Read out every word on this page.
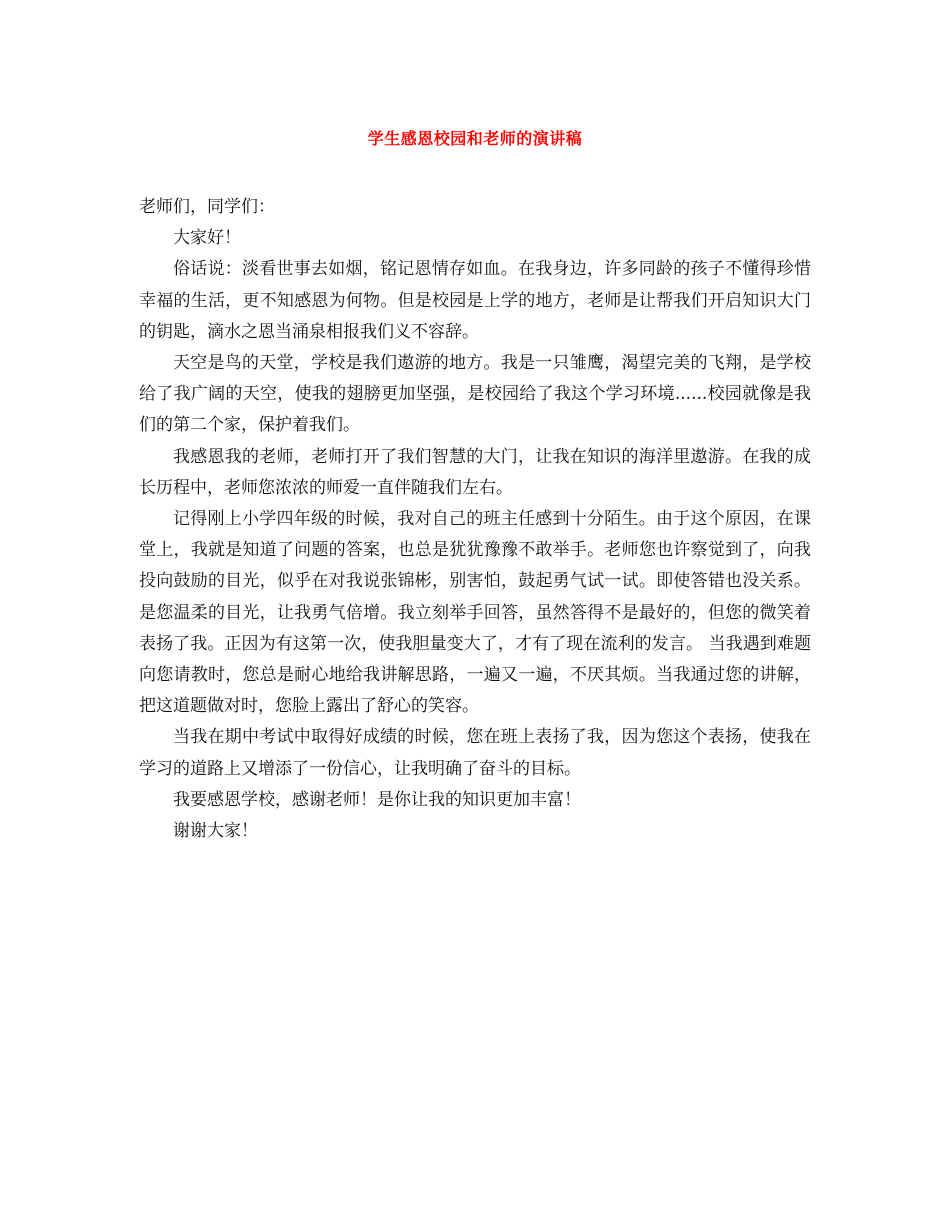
学生感恩校园和老师的演讲稿

老师们，同学们：

大家好！

俗话说：淡看世事去如烟，铭记恩情存如血。在我身边，许多同龄的孩子不懂得珍惜幸福的生活，更不知感恩为何物。但是校园是上学的地方，老师是让帮我们开启知识大门的钥匙，滴水之恩当涌泉相报我们义不容辞。

天空是鸟的天堂，学校是我们遨游的地方。我是一只雏鹰，渴望完美的飞翔，是学校给了我广阔的天空，使我的翅膀更加坚强，是校园给了我这个学习环境......校园就像是我们的第二个家，保护着我们。

我感恩我的老师，老师打开了我们智慧的大门，让我在知识的海洋里遨游。在我的成长历程中，老师您浓浓的师爱一直伴随我们左右。

记得刚上小学四年级的时候，我对自己的班主任感到十分陌生。由于这个原因，在课堂上，我就是知道了问题的答案，也总是犹犹豫豫不敢举手。老师您也许察觉到了，向我投向鼓励的目光，似乎在对我说张锦彬，别害怕，鼓起勇气试一试。即使答错也没关系。是您温柔的目光，让我勇气倍增。我立刻举手回答，虽然答得不是最好的，但您的微笑着表扬了我。正因为有这第一次，使我胆量变大了，才有了现在流利的发言。 当我遇到难题向您请教时，您总是耐心地给我讲解思路，一遍又一遍，不厌其烦。当我通过您的讲解，把这道题做对时，您脸上露出了舒心的笑容。

当我在期中考试中取得好成绩的时候，您在班上表扬了我，因为您这个表扬，使我在学习的道路上又增添了一份信心，让我明确了奋斗的目标。

我要感恩学校，感谢老师！是你让我的知识更加丰富！

谢谢大家！
